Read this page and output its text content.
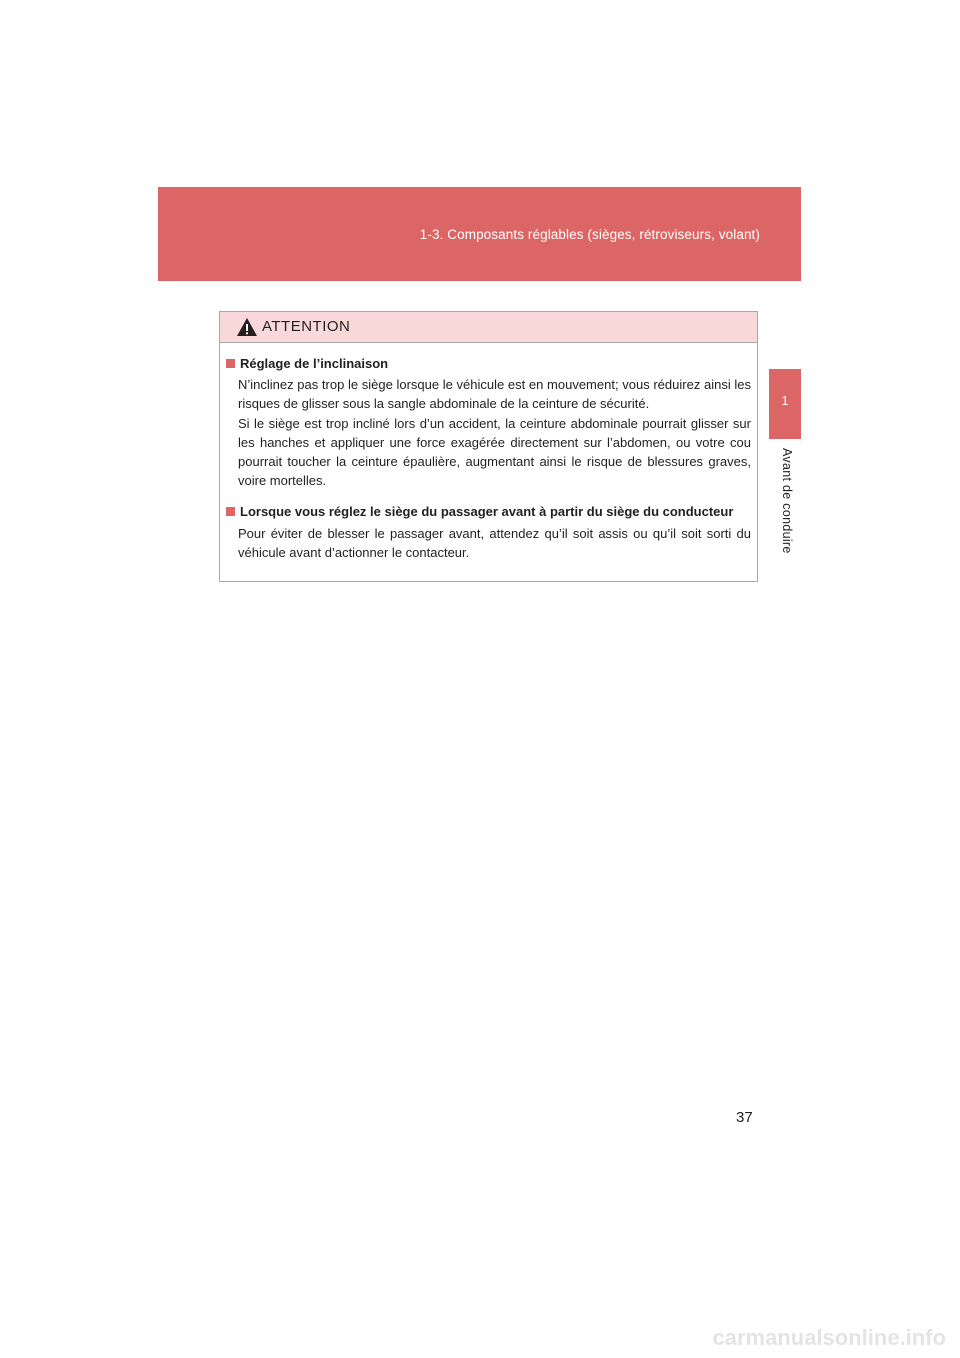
1-3. Composants réglables (sièges, rétroviseurs, volant)
1
Avant de conduire
ATTENTION
Réglage de l’inclinaison

N’inclinez pas trop le siège lorsque le véhicule est en mouvement; vous réduirez ainsi les risques de glisser sous la sangle abdominale de la ceinture de sécurité.

Si le siège est trop incliné lors d’un accident, la ceinture abdominale pourrait glisser sur les hanches et appliquer une force exagérée directement sur l’abdomen, ou votre cou pourrait toucher la ceinture épaulière, augmentant ainsi le risque de blessures graves, voire mortelles.

Lorsque vous réglez le siège du passager avant à partir du siège du conducteur

Pour éviter de blesser le passager avant, attendez qu’il soit assis ou qu’il soit sorti du véhicule avant d’actionner le contacteur.

37
carmanualsonline.info
